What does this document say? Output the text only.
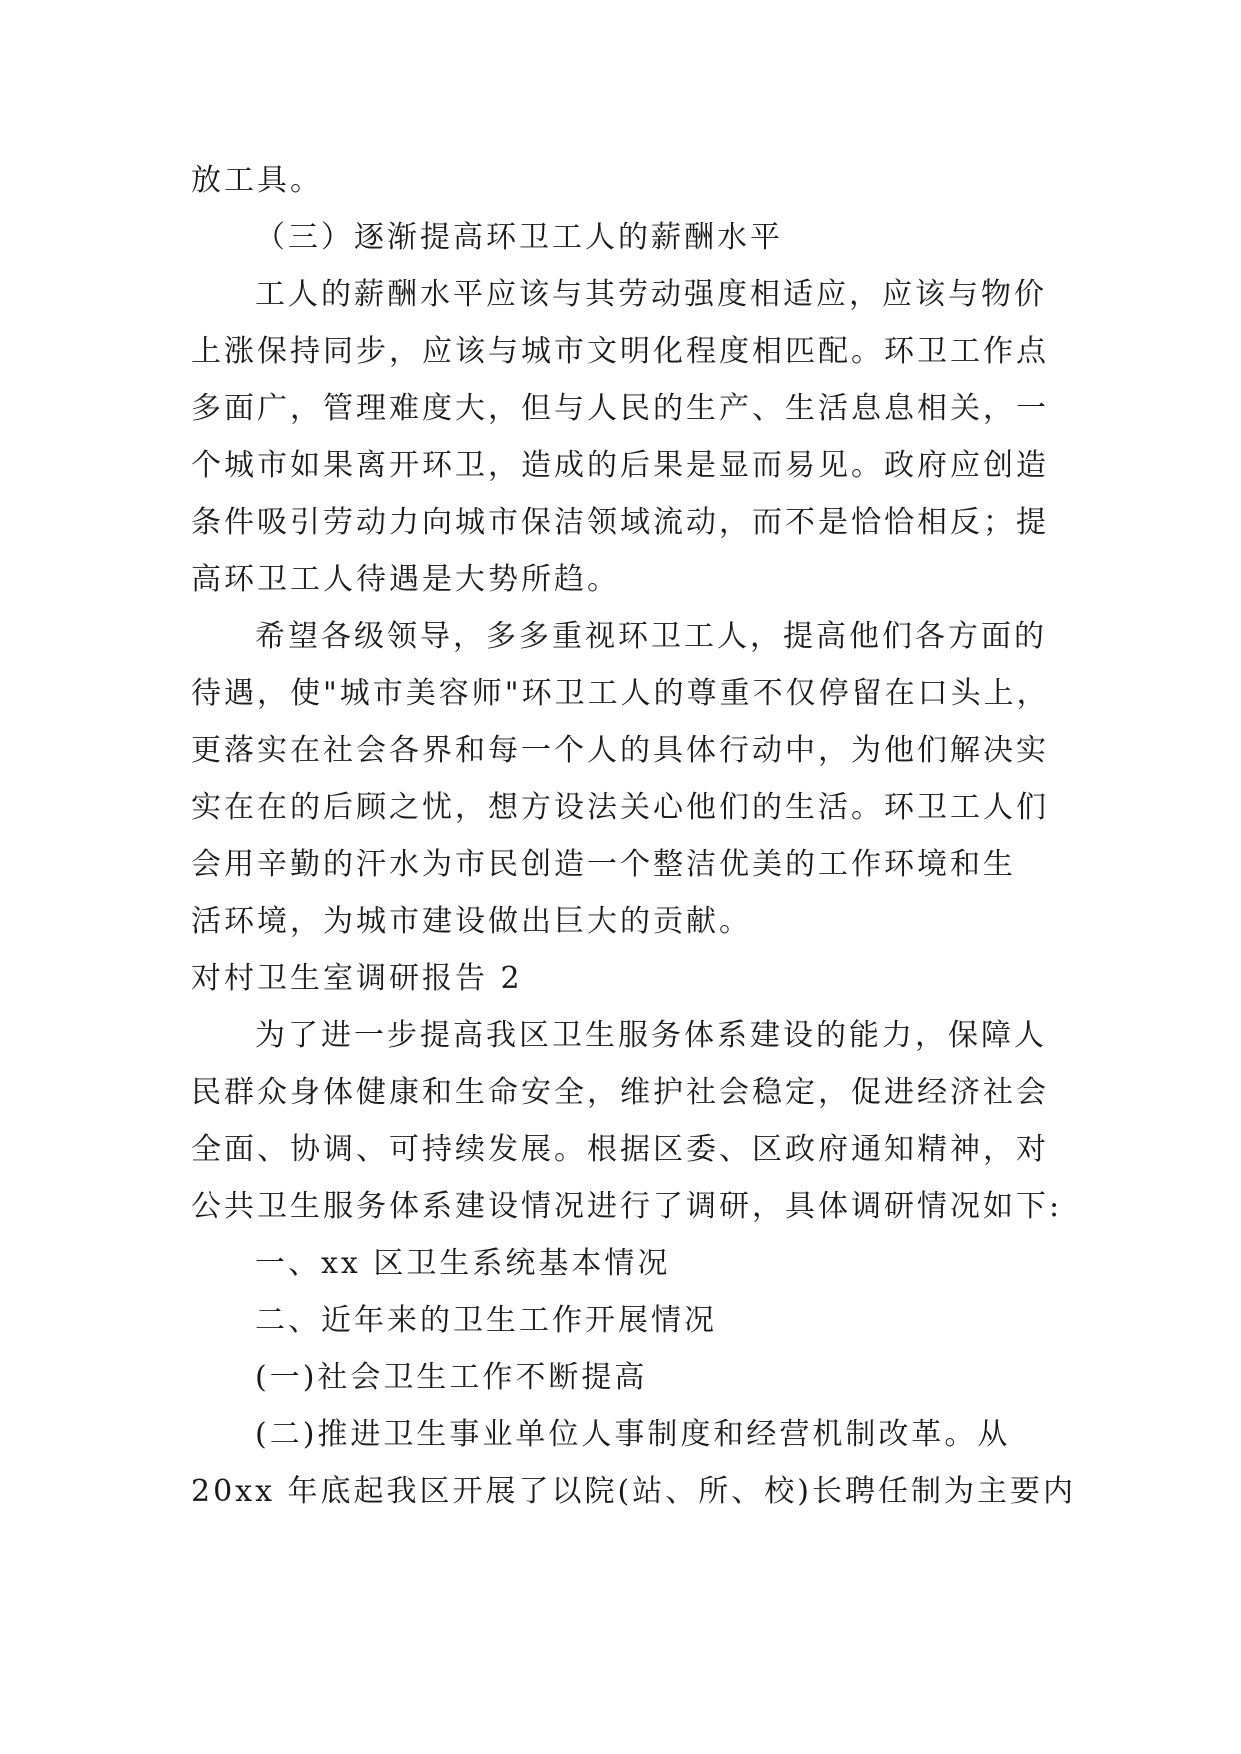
放工具。
（三）逐渐提高环卫工人的薪酬水平
工人的薪酬水平应该与其劳动强度相适应，应该与物价
上涨保持同步，应该与城市文明化程度相匹配。环卫工作点
多面广，管理难度大，但与人民的生产、生活息息相关，一
个城市如果离开环卫，造成的后果是显而易见。政府应创造
条件吸引劳动力向城市保洁领域流动，而不是恰恰相反；提
高环卫工人待遇是大势所趋。
希望各级领导，多多重视环卫工人，提高他们各方面的
待遇，使"城市美容师"环卫工人的尊重不仅停留在口头上，
更落实在社会各界和每一个人的具体行动中，为他们解决实
实在在的后顾之忧，想方设法关心他们的生活。环卫工人们
会用辛勤的汗水为市民创造一个整洁优美的工作环境和生
活环境，为城市建设做出巨大的贡献。
对村卫生室调研报告 2
为了进一步提高我区卫生服务体系建设的能力，保障人
民群众身体健康和生命安全，维护社会稳定，促进经济社会
全面、协调、可持续发展。根据区委、区政府通知精神，对
公共卫生服务体系建设情况进行了调研，具体调研情况如下:
一、xx 区卫生系统基本情况
二、近年来的卫生工作开展情况
(一)社会卫生工作不断提高
(二)推进卫生事业单位人事制度和经营机制改革。从
20xx 年底起我区开展了以院(站、所、校)长聘任制为主要内
